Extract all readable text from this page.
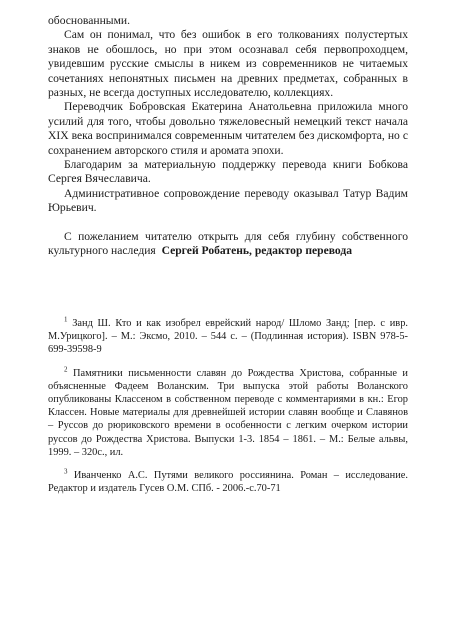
обоснованными.

Сам он понимал, что без ошибок в его толкованиях полустертых знаков не обошлось, но при этом осознавал себя первопроходцем, увидевшим русские смыслы в никем из современников не читаемых сочетаниях непонятных письмен на древних предметах, собранных в разных, не всегда доступных исследователю, коллекциях.

Переводчик Бобровская Екатерина Анатольевна приложила много усилий для того, чтобы довольно тяжеловесный немецкий текст начала XIX века воспринимался современным читателем без дискомфорта, но с сохранением авторского стиля и аромата эпохи.

Благодарим за материальную поддержку перевода книги Бобкова Сергея Вячеславича.

Административное сопровождение переводу оказывал Татур Вадим Юрьевич.

С пожеланием читателю открыть для себя глубину собственного культурного наследия Сергей Робатень, редактор перевода

$^1$ Занд Ш. Кто и как изобрел еврейский народ/ Шломо Занд; [пер. с ивр. М.Урицкого]. – М.: Эксмо, 2010. – 544 с. – (Подлинная история). ISBN 978-5-699-39598-9

$^2$ Памятники письменности славян до Рождества Христова, собранные и объясненные Фадеем Воланским. Три выпуска этой работы Воланского опубликованы Классеном в собственном переводе с комментариями в кн.: Егор Классен. Новые материалы для древнейшей истории славян вообще и Славянов – Руссов до рюриковского времени в особенности с легким очерком истории руссов до Рождества Христова. Выпуски 1-3. 1854 – 1861. – М.: Белые альвы, 1999. – 320с., ил.

$^3$ Иванченко А.С. Путями великого россиянина. Роман – исследование. Редактор и издатель Гусев О.М. СПб. - 2006.-с.70-71
